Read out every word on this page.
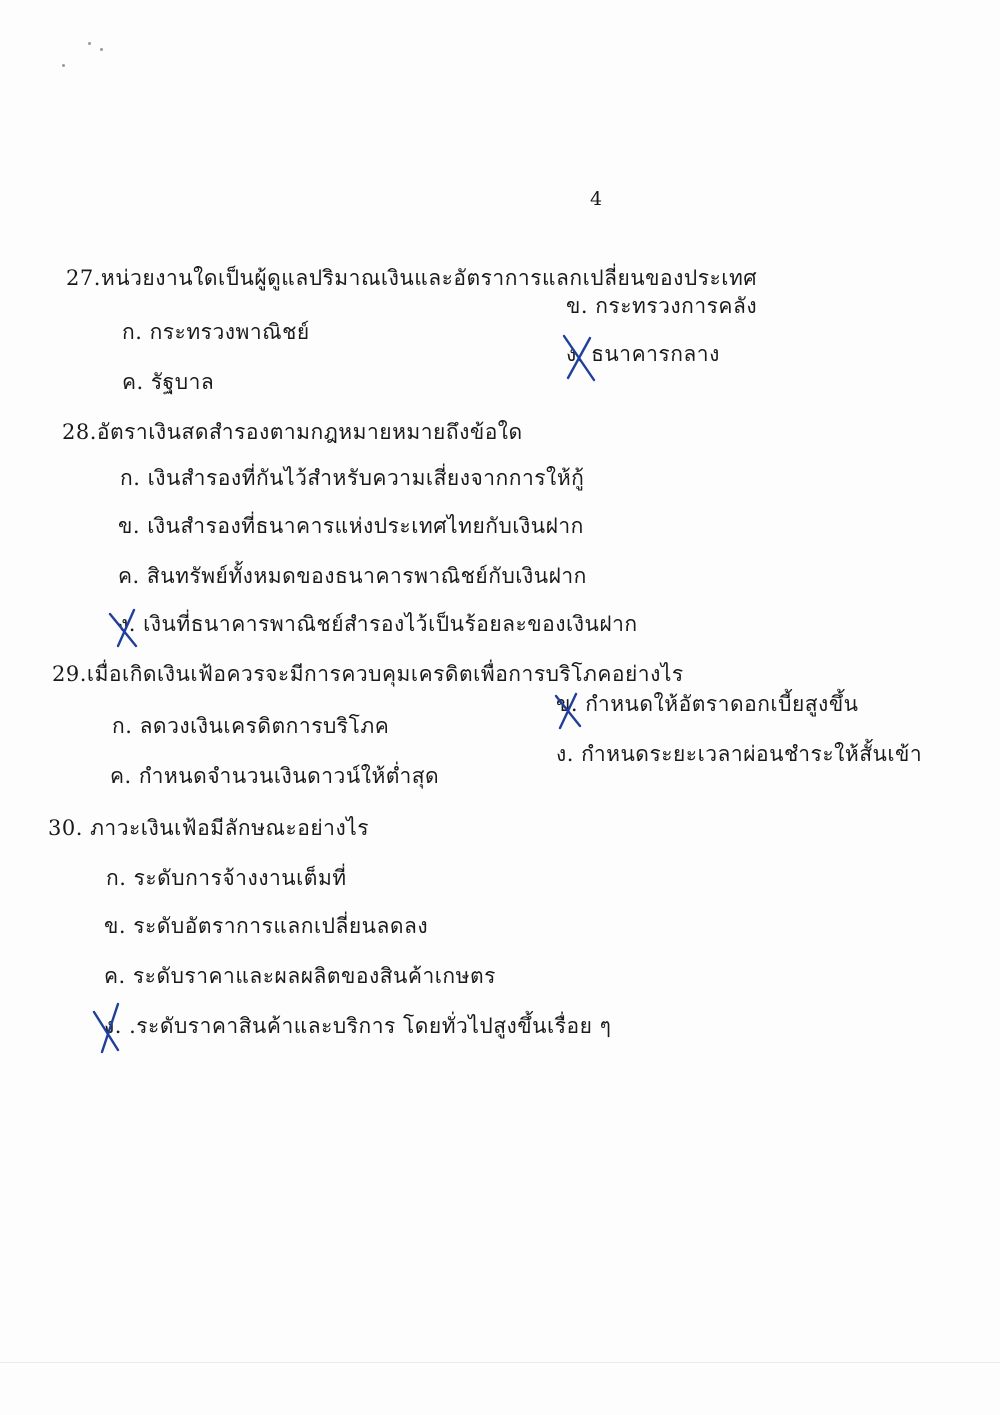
4
27.หน่วยงานใดเป็นผู้ดูแลปริมาณเงินและอัตราการแลกเปลี่ยนของประเทศ
ก. กระทรวงพาณิชย์
ข. กระทรวงการคลัง
ค. รัฐบาล
ง. ธนาคารกลาง
28.อัตราเงินสดสำรองตามกฎหมายหมายถึงข้อใด
ก. เงินสำรองที่กันไว้สำหรับความเสี่ยงจากการให้กู้
ข. เงินสำรองที่ธนาคารแห่งประเทศไทยกับเงินฝาก
ค. สินทรัพย์ทั้งหมดของธนาคารพาณิชย์กับเงินฝาก
ง. เงินที่ธนาคารพาณิชย์สำรองไว้เป็นร้อยละของเงินฝาก
29.เมื่อเกิดเงินเฟ้อควรจะมีการควบคุมเครดิตเพื่อการบริโภคอย่างไร
ก. ลดวงเงินเครดิตการบริโภค
ข. กำหนดให้อัตราดอกเบี้ยสูงขึ้น
ค. กำหนดจำนวนเงินดาวน์ให้ต่ำสุด
ง. กำหนดระยะเวลาผ่อนชำระให้สั้นเข้า
30. ภาวะเงินเฟ้อมีลักษณะอย่างไร
ก. ระดับการจ้างงานเต็มที่
ข. ระดับอัตราการแลกเปลี่ยนลดลง
ค. ระดับราคาและผลผลิตของสินค้าเกษตร
ง. .ระดับราคาสินค้าและบริการ โดยทั่วไปสูงขึ้นเรื่อย ๆ
